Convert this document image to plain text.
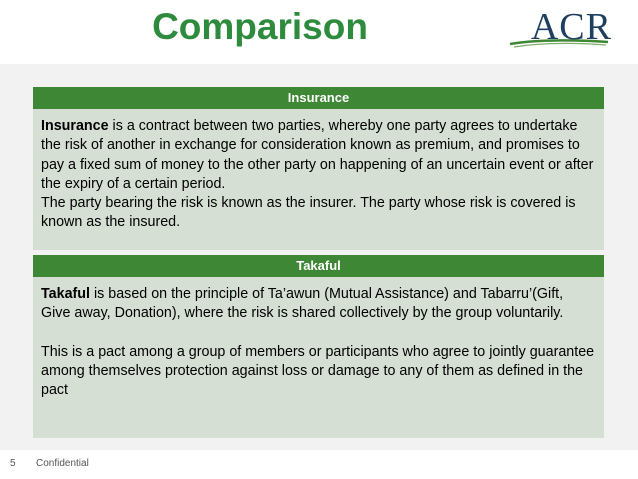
Comparison	ACR
Insurance

Insurance is a contract between two parties, whereby one party agrees to undertake the risk of another in exchange for consideration known as premium, and promises to pay a fixed sum of money to the other party on happening of an uncertain event or after the expiry of a certain period.

The party bearing the risk is known as the insurer. The party whose risk is covered is known as the insured.

Takaful

Takaful is based on the principle of Ta’awun (Mutual Assistance) and Tabarru’(Gift, Give away, Donation), where the risk is shared collectively by the group voluntarily.

This is a pact among a group of members or participants who agree to jointly guarantee among themselves protection against loss or damage to any of them as defined in the pact

5 Confidential
